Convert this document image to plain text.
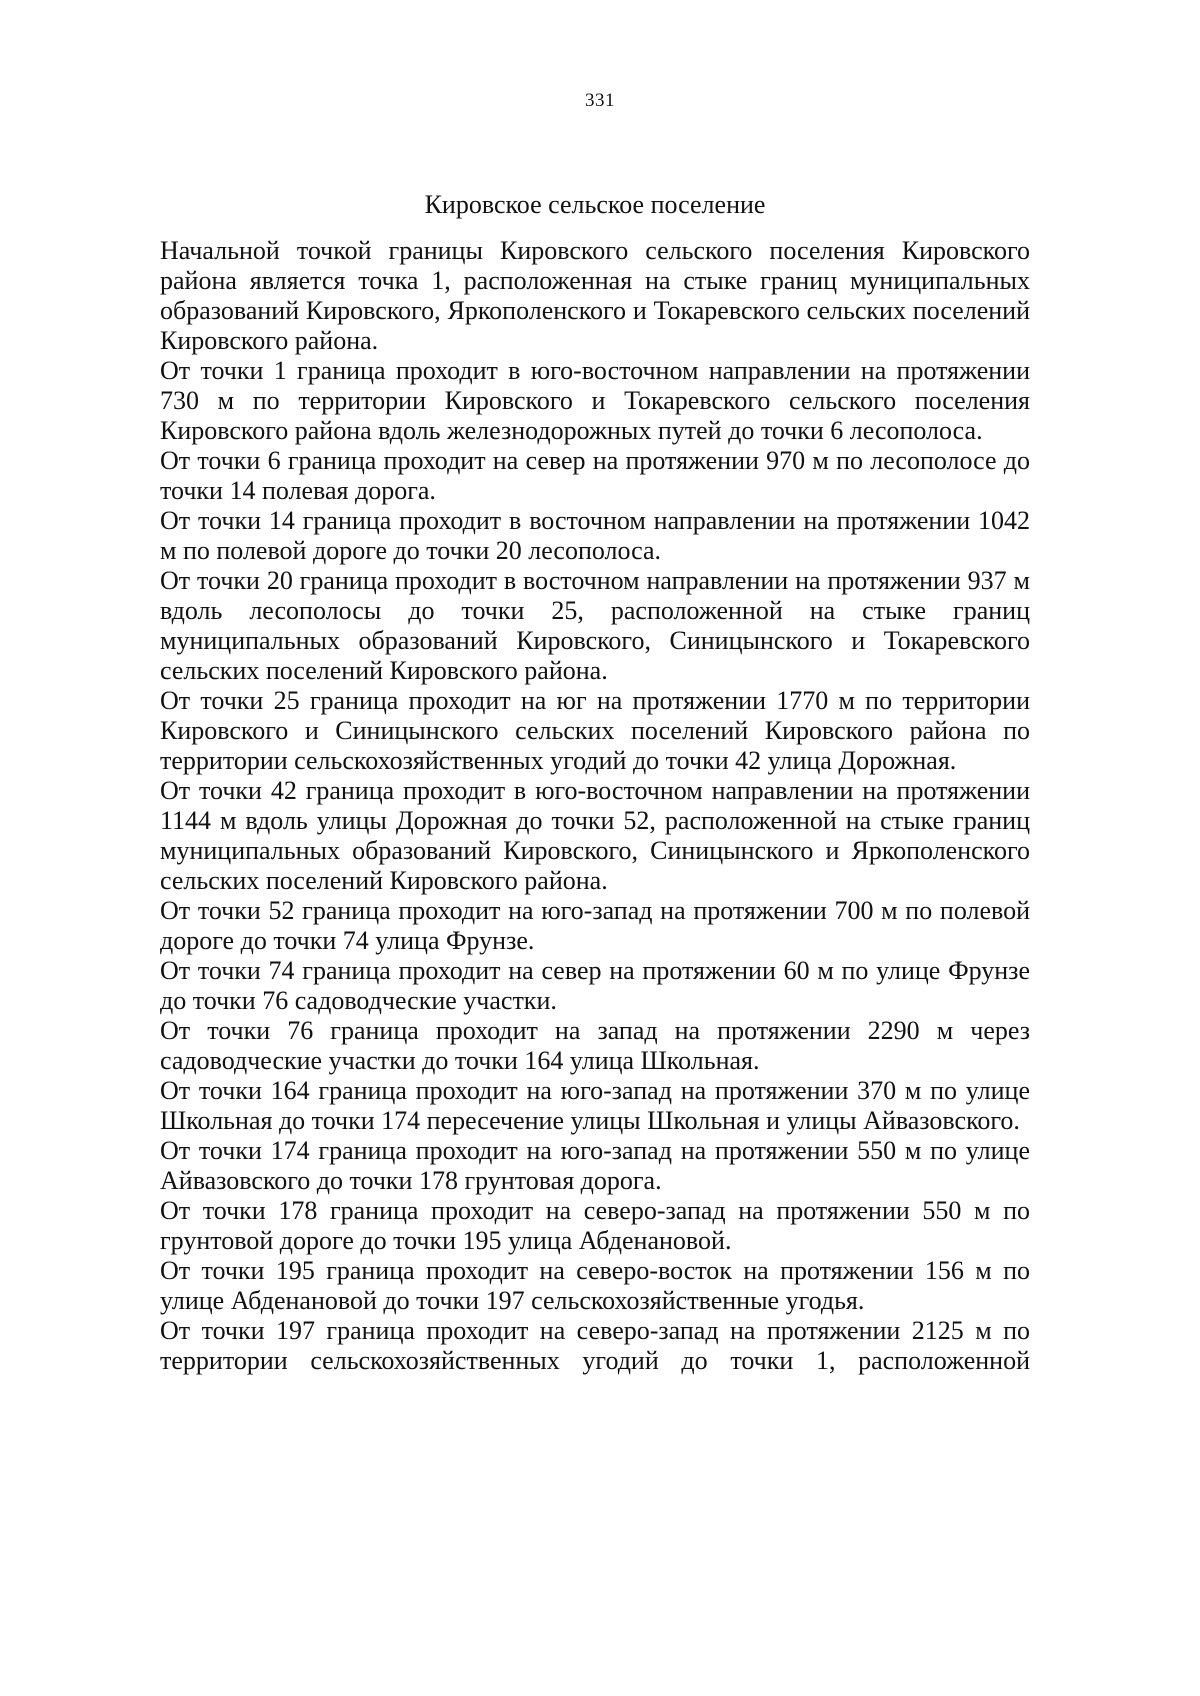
331
Кировское сельское поселение

Начальной точкой границы Кировского сельского поселения Кировского района является точка 1, расположенная на стыке границ муниципальных образований Кировского, Яркополенского и Токаревского сельских поселений Кировского района.

От точки 1 граница проходит в юго-восточном направлении на протяжении 730 м по территории Кировского и Токаревского сельского поселения Кировского района вдоль железнодорожных путей до точки 6 лесополоса.

От точки 6 граница проходит на север на протяжении 970 м по лесополосе до точки 14 полевая дорога.

От точки 14 граница проходит в восточном направлении на протяжении 1042 м по полевой дороге до точки 20 лесополоса.

От точки 20 граница проходит в восточном направлении на протяжении 937 м вдоль лесополосы до точки 25, расположенной на стыке границ муниципальных образований Кировского, Синицынского и Токаревского сельских поселений Кировского района.

От точки 25 граница проходит на юг на протяжении 1770 м по территории Кировского и Синицынского сельских поселений Кировского района по территории сельскохозяйственных угодий до точки 42 улица Дорожная.

От точки 42 граница проходит в юго-восточном направлении на протяжении 1144 м вдоль улицы Дорожная до точки 52, расположенной на стыке границ муниципальных образований Кировского, Синицынского и Яркополенского сельских поселений Кировского района.

От точки 52 граница проходит на юго-запад на протяжении 700 м по полевой дороге до точки 74 улица Фрунзе.

От точки 74 граница проходит на север на протяжении 60 м по улице Фрунзе до точки 76 садоводческие участки.

От точки 76 граница проходит на запад на протяжении 2290 м через садоводческие участки до точки 164 улица Школьная.

От точки 164 граница проходит на юго-запад на протяжении 370 м по улице Школьная до точки 174 пересечение улицы Школьная и улицы Айвазовского.

От точки 174 граница проходит на юго-запад на протяжении 550 м по улице Айвазовского до точки 178 грунтовая дорога.

От точки 178 граница проходит на северо-запад на протяжении 550 м по грунтовой дороге до точки 195 улица Абденановой.

От точки 195 граница проходит на северо-восток на протяжении 156 м по улице Абденановой до точки 197 сельскохозяйственные угодья.

От точки 197 граница проходит на северо-запад на протяжении 2125 м по территории сельскохозяйственных угодий до точки 1, расположенной
